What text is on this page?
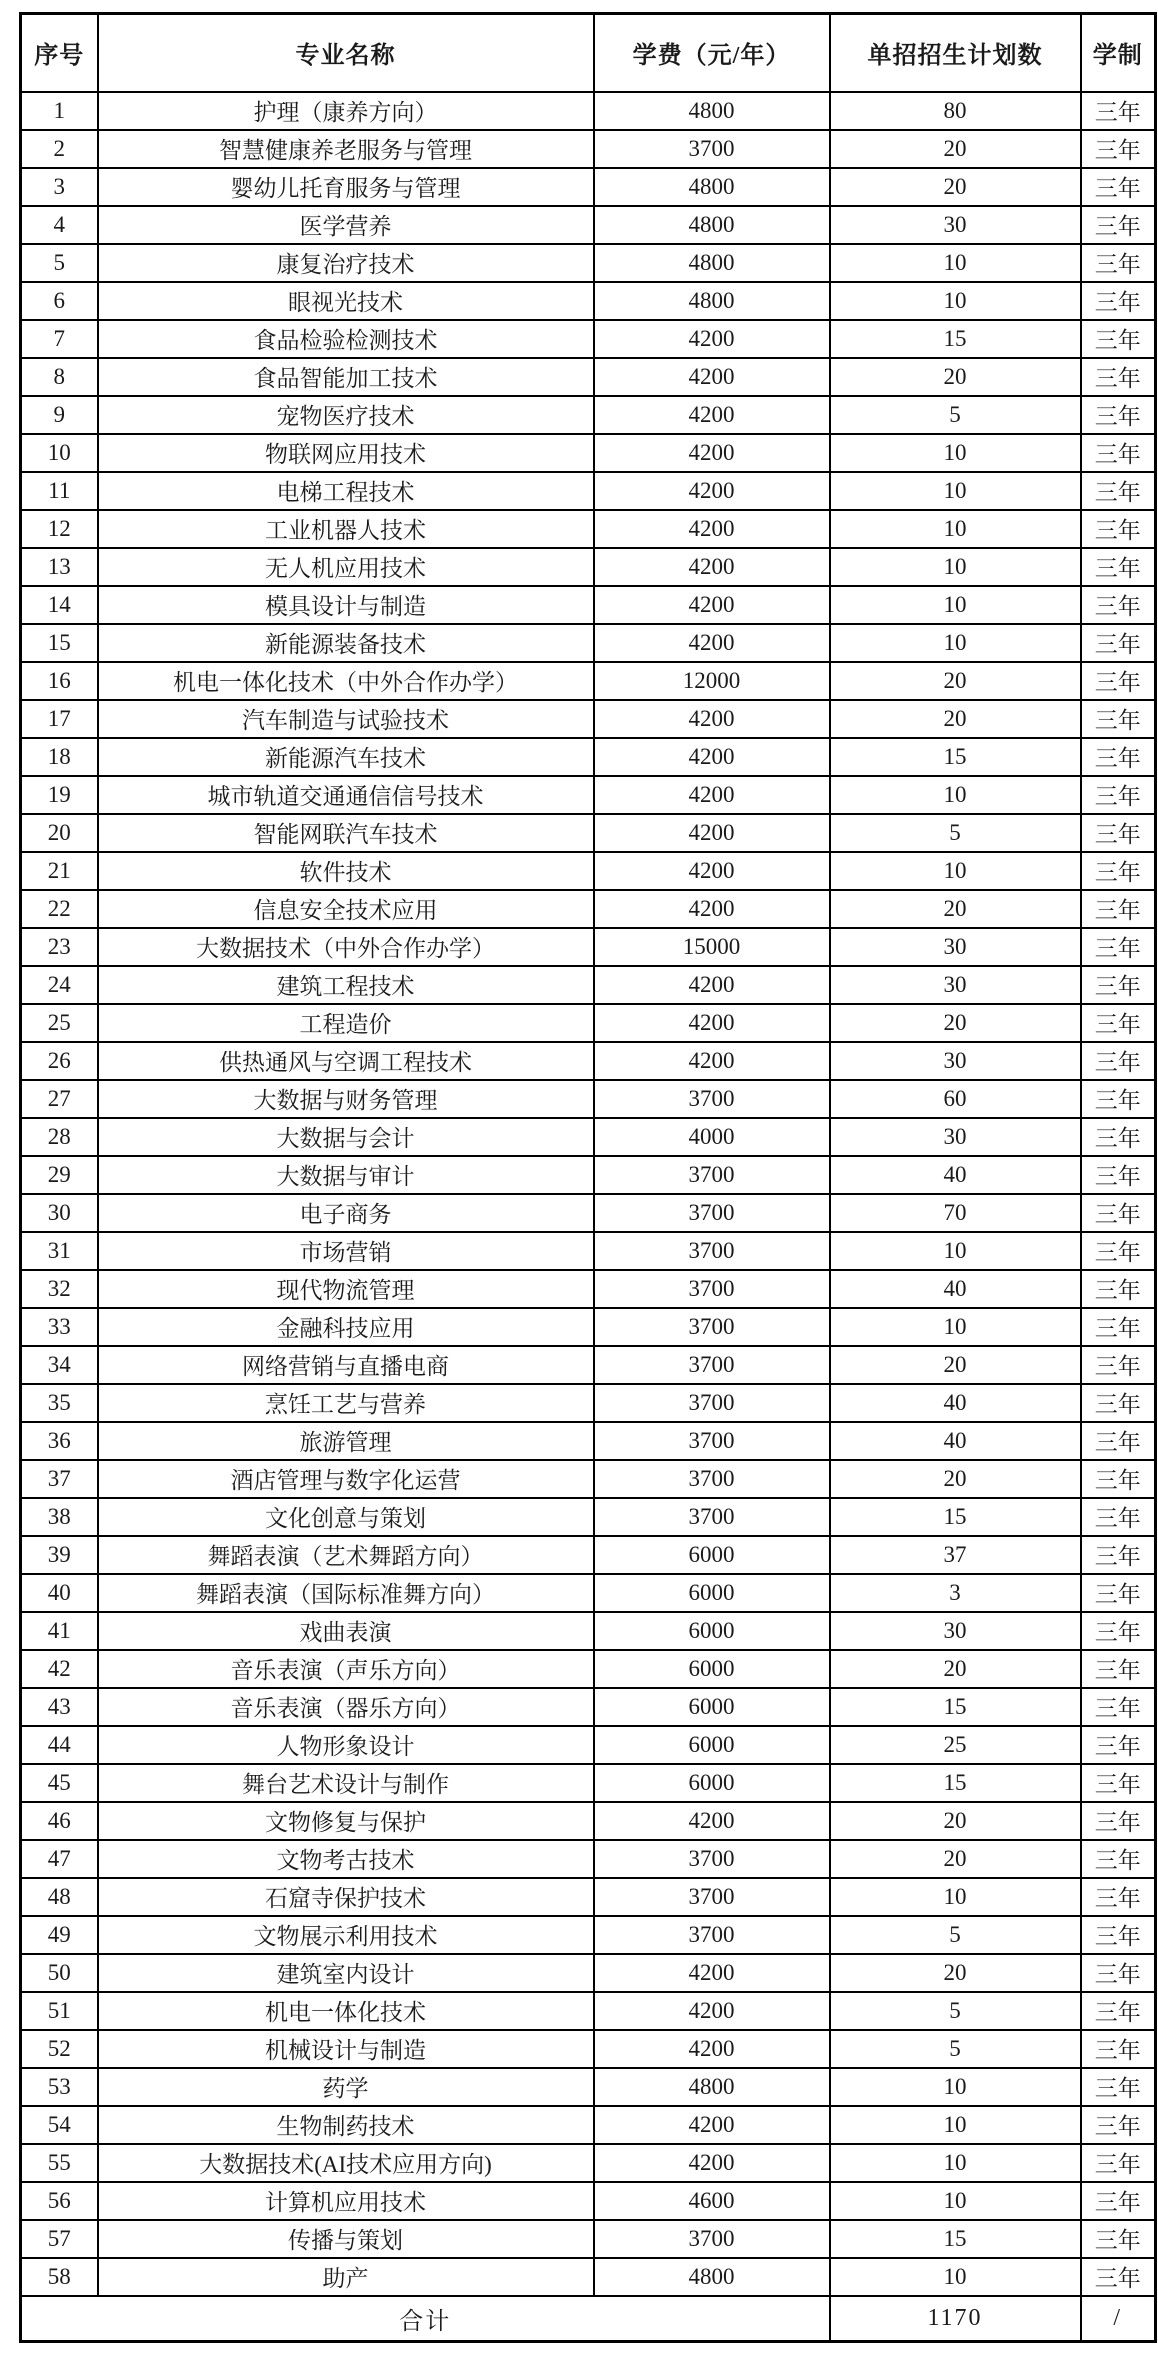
序号	专业名称	学费（元/年）	单招招生计划数	学制
1	护理（康养方向）	4800	80	三年
2	智慧健康养老服务与管理	3700	20	三年
3	婴幼儿托育服务与管理	4800	20	三年
4	医学营养	4800	30	三年
5	康复治疗技术	4800	10	三年
6	眼视光技术	4800	10	三年
7	食品检验检测技术	4200	15	三年
8	食品智能加工技术	4200	20	三年
9	宠物医疗技术	4200	5	三年
10	物联网应用技术	4200	10	三年
11	电梯工程技术	4200	10	三年
12	工业机器人技术	4200	10	三年
13	无人机应用技术	4200	10	三年
14	模具设计与制造	4200	10	三年
15	新能源装备技术	4200	10	三年
16	机电一体化技术（中外合作办学）	12000	20	三年
17	汽车制造与试验技术	4200	20	三年
18	新能源汽车技术	4200	15	三年
19	城市轨道交通通信信号技术	4200	10	三年
20	智能网联汽车技术	4200	5	三年
21	软件技术	4200	10	三年
22	信息安全技术应用	4200	20	三年
23	大数据技术（中外合作办学）	15000	30	三年
24	建筑工程技术	4200	30	三年
25	工程造价	4200	20	三年
26	供热通风与空调工程技术	4200	30	三年
27	大数据与财务管理	3700	60	三年
28	大数据与会计	4000	30	三年
29	大数据与审计	3700	40	三年
30	电子商务	3700	70	三年
31	市场营销	3700	10	三年
32	现代物流管理	3700	40	三年
33	金融科技应用	3700	10	三年
34	网络营销与直播电商	3700	20	三年
35	烹饪工艺与营养	3700	40	三年
36	旅游管理	3700	40	三年
37	酒店管理与数字化运营	3700	20	三年
38	文化创意与策划	3700	15	三年
39	舞蹈表演（艺术舞蹈方向）	6000	37	三年
40	舞蹈表演（国际标准舞方向）	6000	3	三年
41	戏曲表演	6000	30	三年
42	音乐表演（声乐方向）	6000	20	三年
43	音乐表演（器乐方向）	6000	15	三年
44	人物形象设计	6000	25	三年
45	舞台艺术设计与制作	6000	15	三年
46	文物修复与保护	4200	20	三年
47	文物考古技术	3700	20	三年
48	石窟寺保护技术	3700	10	三年
49	文物展示利用技术	3700	5	三年
50	建筑室内设计	4200	20	三年
51	机电一体化技术	4200	5	三年
52	机械设计与制造	4200	5	三年
53	药学	4800	10	三年
54	生物制药技术	4200	10	三年
55	大数据技术(AI技术应用方向)	4200	10	三年
56	计算机应用技术	4600	10	三年
57	传播与策划	3700	15	三年
58	助产	4800	10	三年
合计			1170	/
